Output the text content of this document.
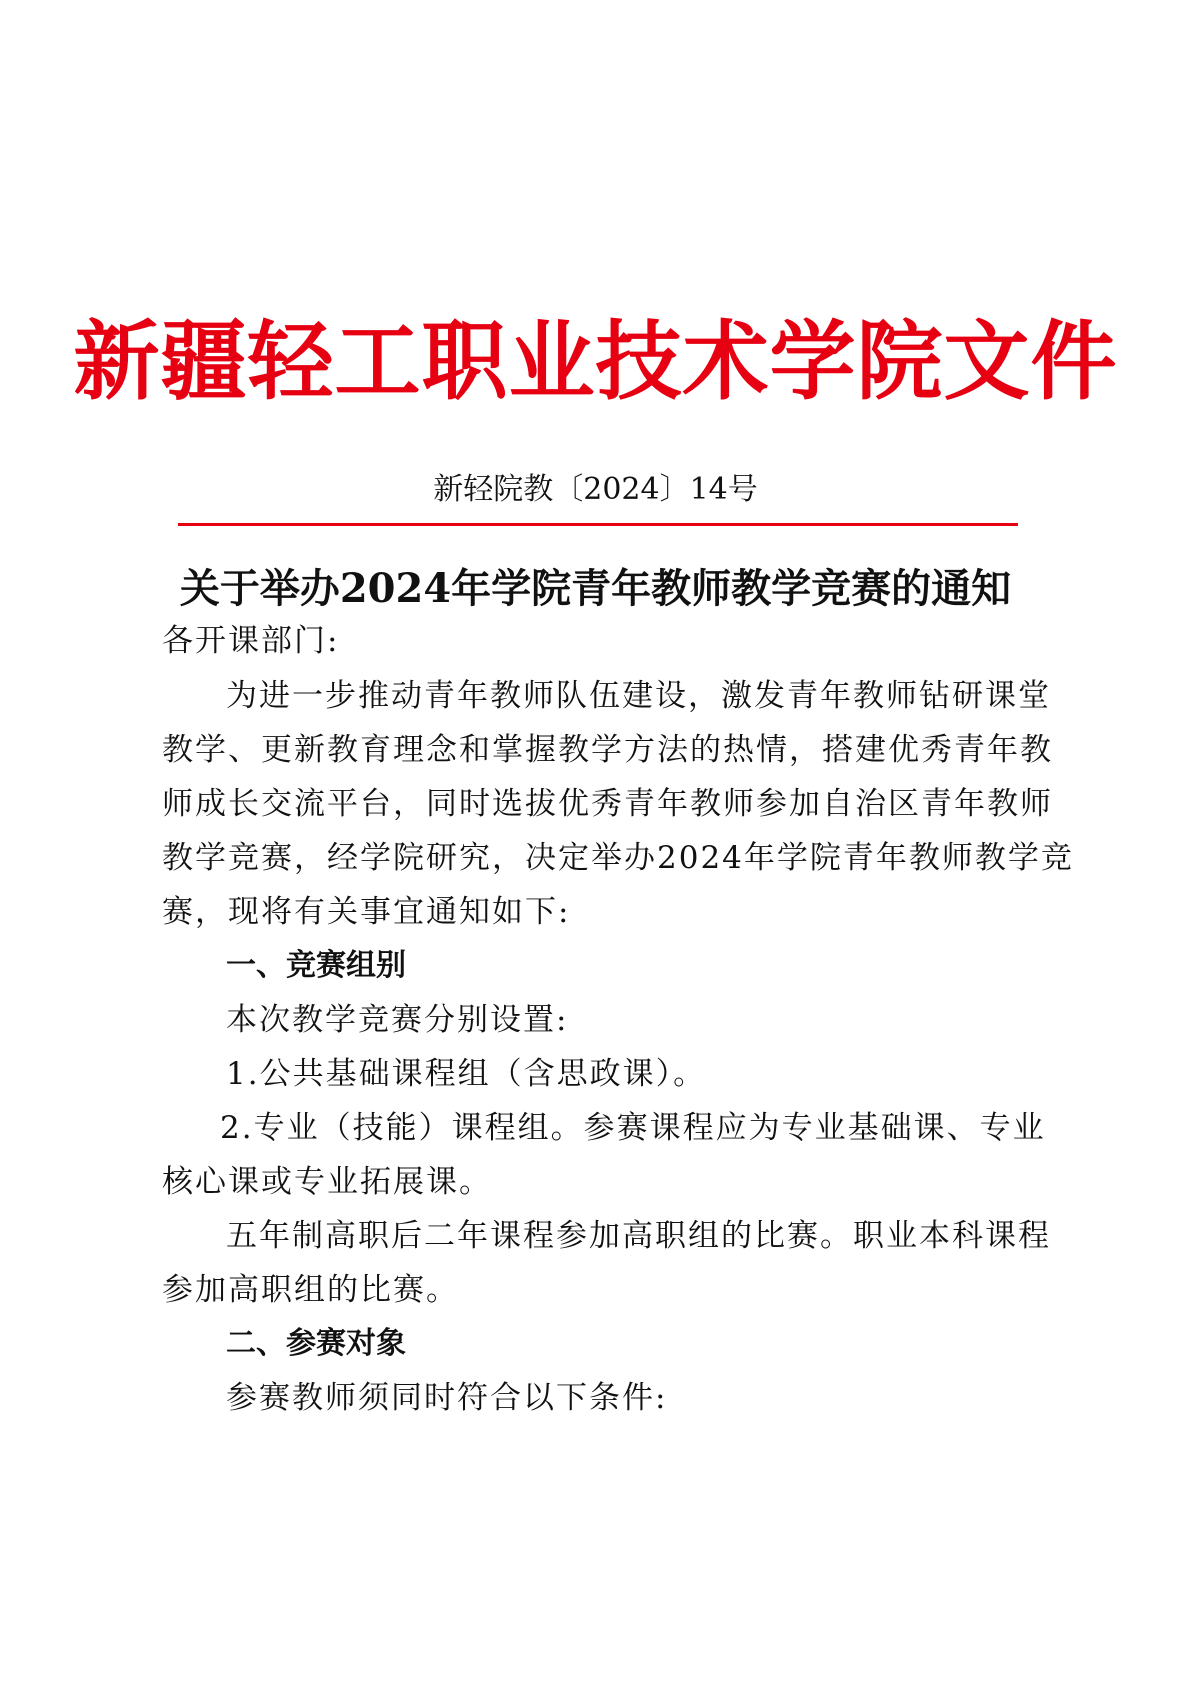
新疆轻工职业技术学院文件
新轻院教〔2024〕14号
关于举办2024年学院青年教师教学竞赛的通知
各开课部门:
为进一步推动青年教师队伍建设，激发青年教师钻研课堂
教学、更新教育理念和掌握教学方法的热情，搭建优秀青年教
师成长交流平台，同时选拔优秀青年教师参加自治区青年教师
教学竞赛，经学院研究，决定举办2024年学院青年教师教学竞
赛，现将有关事宜通知如下:
一、竞赛组别
本次教学竞赛分别设置:
1.公共基础课程组（含思政课）。
2.专业（技能）课程组。参赛课程应为专业基础课、专业
核心课或专业拓展课。
五年制高职后二年课程参加高职组的比赛。职业本科课程
参加高职组的比赛。
二、参赛对象
参赛教师须同时符合以下条件:
